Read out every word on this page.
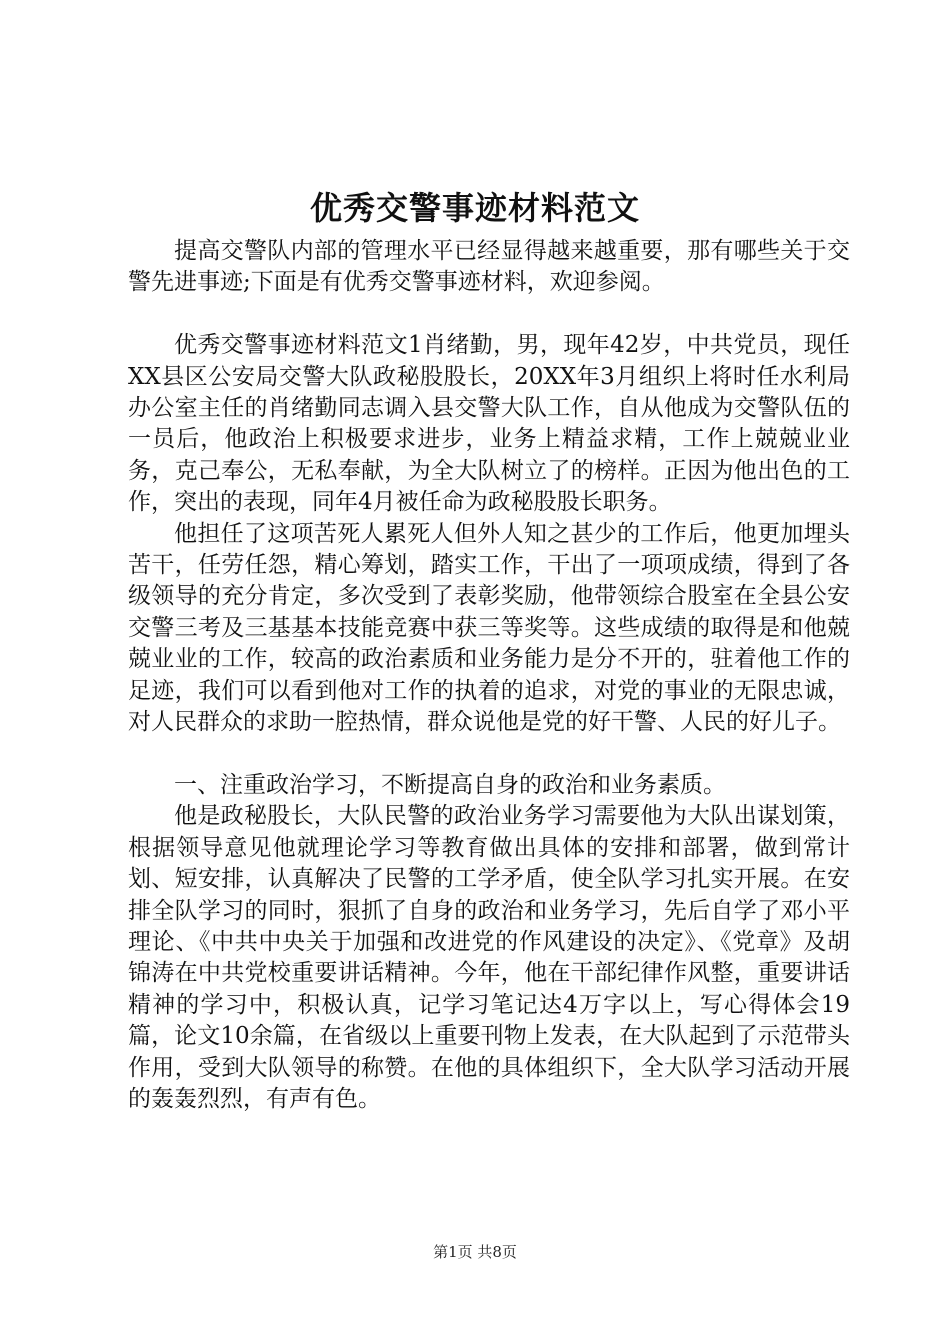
优秀交警事迹材料范文

提高交警队内部的管理水平已经显得越来越重要，那有哪些关于交警先进事迹;下面是有优秀交警事迹材料，欢迎参阅。

优秀交警事迹材料范文1肖绪勤，男，现年42岁，中共党员，现任XX县区公安局交警大队政秘股股长，20XX年3月组织上将时任水利局办公室主任的肖绪勤同志调入县交警大队工作，自从他成为交警队伍的一员后，他政治上积极要求进步，业务上精益求精，工作上兢兢业业务，克己奉公，无私奉献，为全大队树立了的榜样。正因为他出色的工作，突出的表现，同年4月被任命为政秘股股长职务。

他担任了这项苦死人累死人但外人知之甚少的工作后，他更加埋头苦干，任劳任怨，精心筹划，踏实工作，干出了一项项成绩，得到了各级领导的充分肯定，多次受到了表彰奖励，他带领综合股室在全县公安交警三考及三基基本技能竞赛中获三等奖等。这些成绩的取得是和他兢兢业业的工作，较高的政治素质和业务能力是分不开的，驻着他工作的足迹，我们可以看到他对工作的执着的追求，对党的事业的无限忠诚，对人民群众的求助一腔热情，群众说他是党的好干警、人民的好儿子。

一、注重政治学习，不断提高自身的政治和业务素质。

他是政秘股长，大队民警的政治业务学习需要他为大队出谋划策，根据领导意见他就理论学习等教育做出具体的安排和部署，做到常计划、短安排，认真解决了民警的工学矛盾，使全队学习扎实开展。在安排全队学习的同时，狠抓了自身的政治和业务学习，先后自学了邓小平理论、《中共中央关于加强和改进党的作风建设的决定》、《党章》及胡锦涛在中共党校重要讲话精神。今年，他在干部纪律作风整，重要讲话精神的学习中，积极认真，记学习笔记达4万字以上，写心得体会19篇，论文10余篇，在省级以上重要刊物上发表，在大队起到了示范带头作用，受到大队领导的称赞。在他的具体组织下，全大队学习活动开展的轰轰烈烈，有声有色。

第1页 共8页
